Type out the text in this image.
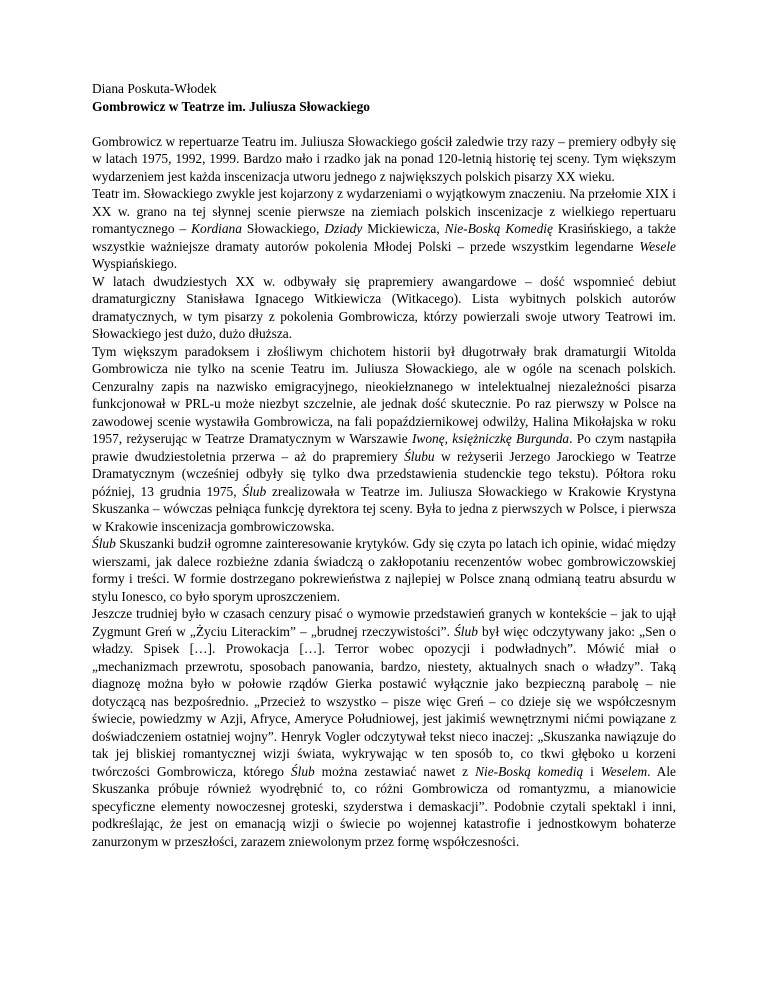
Diana Poskuta-Włodek

Gombrowicz w Teatrze im. Juliusza Słowackiego

Gombrowicz w repertuarze Teatru im. Juliusza Słowackiego gościł zaledwie trzy razy – premiery odbyły się w latach 1975, 1992, 1999. Bardzo mało i rzadko jak na ponad 120-letnią historię tej sceny. Tym większym wydarzeniem jest każda inscenizacja utworu jednego z największych polskich pisarzy XX wieku.

Teatr im. Słowackiego zwykle jest kojarzony z wydarzeniami o wyjątkowym znaczeniu. Na przełomie XIX i XX w. grano na tej słynnej scenie pierwsze na ziemiach polskich inscenizacje z wielkiego repertuaru romantycznego – Kordiana Słowackiego, Dziady Mickiewicza, Nie-Boską Komedię Krasińskiego, a także wszystkie ważniejsze dramaty autorów pokolenia Młodej Polski – przede wszystkim legendarne Wesele Wyspiańskiego.

W latach dwudziestych XX w. odbywały się prapremiery awangardowe – dość wspomnieć debiut dramaturgiczny Stanisława Ignacego Witkiewicza (Witkacego). Lista wybitnych polskich autorów dramatycznych, w tym pisarzy z pokolenia Gombrowicza, którzy powierzali swoje utwory Teatrowi im. Słowackiego jest dużo, dużo dłuższa.

Tym większym paradoksem i złośliwym chichotem historii był długotrwały brak dramaturgii Witolda Gombrowicza nie tylko na scenie Teatru im. Juliusza Słowackiego, ale w ogóle na scenach polskich. Cenzuralny zapis na nazwisko emigracyjnego, nieokiełznanego w intelektualnej niezależności pisarza funkcjonował w PRL-u może niezbyt szczelnie, ale jednak dość skutecznie. Po raz pierwszy w Polsce na zawodowej scenie wystawiła Gombrowicza, na fali popaździernikowej odwilży, Halina Mikołajska w roku 1957, reżyserując w Teatrze Dramatycznym w Warszawie Iwonę, księżniczkę Burgunda. Po czym nastąpiła prawie dwudziestoletnia przerwa – aż do prapremiery Ślubu w reżyserii Jerzego Jarockiego w Teatrze Dramatycznym (wcześniej odbyły się tylko dwa przedstawienia studenckie tego tekstu). Półtora roku później, 13 grudnia 1975, Ślub zrealizowała w Teatrze im. Juliusza Słowackiego w Krakowie Krystyna Skuszanka – wówczas pełniąca funkcję dyrektora tej sceny. Była to jedna z pierwszych w Polsce, i pierwsza w Krakowie inscenizacja gombrowiczowska.

Ślub Skuszanki budził ogromne zainteresowanie krytyków. Gdy się czyta po latach ich opinie, widać między wierszami, jak dalece rozbieżne zdania świadczą o zakłopotaniu recenzentów wobec gombrowiczowskiej formy i treści. W formie dostrzegano pokrewieństwa z najlepiej w Polsce znaną odmianą teatru absurdu w stylu Ionesco, co było sporym uproszczeniem.

Jeszcze trudniej było w czasach cenzury pisać o wymowie przedstawień granych w kontekście – jak to ujął Zygmunt Greń w „Życiu Literackim” – „brudnej rzeczywistości”. Ślub był więc odczytywany jako: „Sen o władzy. Spisek […]. Prowokacja […]. Terror wobec opozycji i podwładnych”. Mówić miał o „mechanizmach przewrotu, sposobach panowania, bardzo, niestety, aktualnych snach o władzy”. Taką diagnozę można było w połowie rządów Gierka postawić wyłącznie jako bezpieczną parabolę – nie dotyczącą nas bezpośrednio. „Przecież to wszystko – pisze więc Greń – co dzieje się we współczesnym świecie, powiedzmy w Azji, Afryce, Ameryce Południowej, jest jakimiś wewnętrznymi nićmi powiązane z doświadczeniem ostatniej wojny”. Henryk Vogler odczytywał tekst nieco inaczej: „Skuszanka nawiązuje do tak jej bliskiej romantycznej wizji świata, wykrywając w ten sposób to, co tkwi głęboko u korzeni twórczości Gombrowicza, którego Ślub można zestawiać nawet z Nie-Boską komedią i Weselem. Ale Skuszanka próbuje również wyodrębnić to, co różni Gombrowicza od romantyzmu, a mianowicie specyficzne elementy nowoczesnej groteski, szyderstwa i demaskacji”. Podobnie czytali spektakl i inni, podkreślając, że jest on emanacją wizji o świecie po wojennej katastrofie i jednostkowym bohaterze zanurzonym w przeszłości, zarazem zniewolonym przez formę współczesności.
